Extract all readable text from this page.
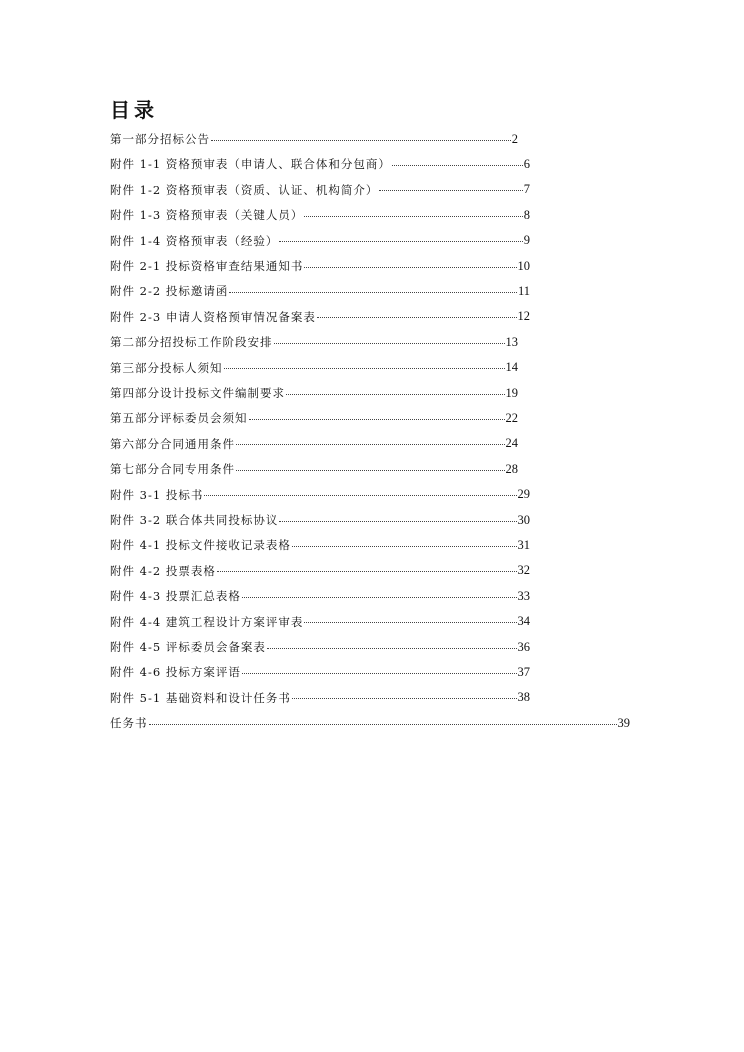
目录
第一部分招标公告	2
附件 1-1 资格预审表（申请人、联合体和分包商）	6
附件 1-2 资格预审表（资质、认证、机构简介）	7
附件 1-3 资格预审表（关键人员）	8
附件 1-4 资格预审表（经验）	9
附件 2-1 投标资格审查结果通知书	10
附件 2-2 投标邀请函	11
附件 2-3 申请人资格预审情况备案表	12
第二部分招投标工作阶段安排	13
第三部分投标人须知	14
第四部分设计投标文件编制要求	19
第五部分评标委员会须知	22
第六部分合同通用条件	24
第七部分合同专用条件	28
附件 3-1 投标书	29
附件 3-2 联合体共同投标协议	30
附件 4-1 投标文件接收记录表格	31
附件 4-2 投票表格	32
附件 4-3 投票汇总表格	33
附件 4-4 建筑工程设计方案评审表	34
附件 4-5 评标委员会备案表	36
附件 4-6 投标方案评语	37
附件 5-1 基础资料和设计任务书	38
任务书	39
